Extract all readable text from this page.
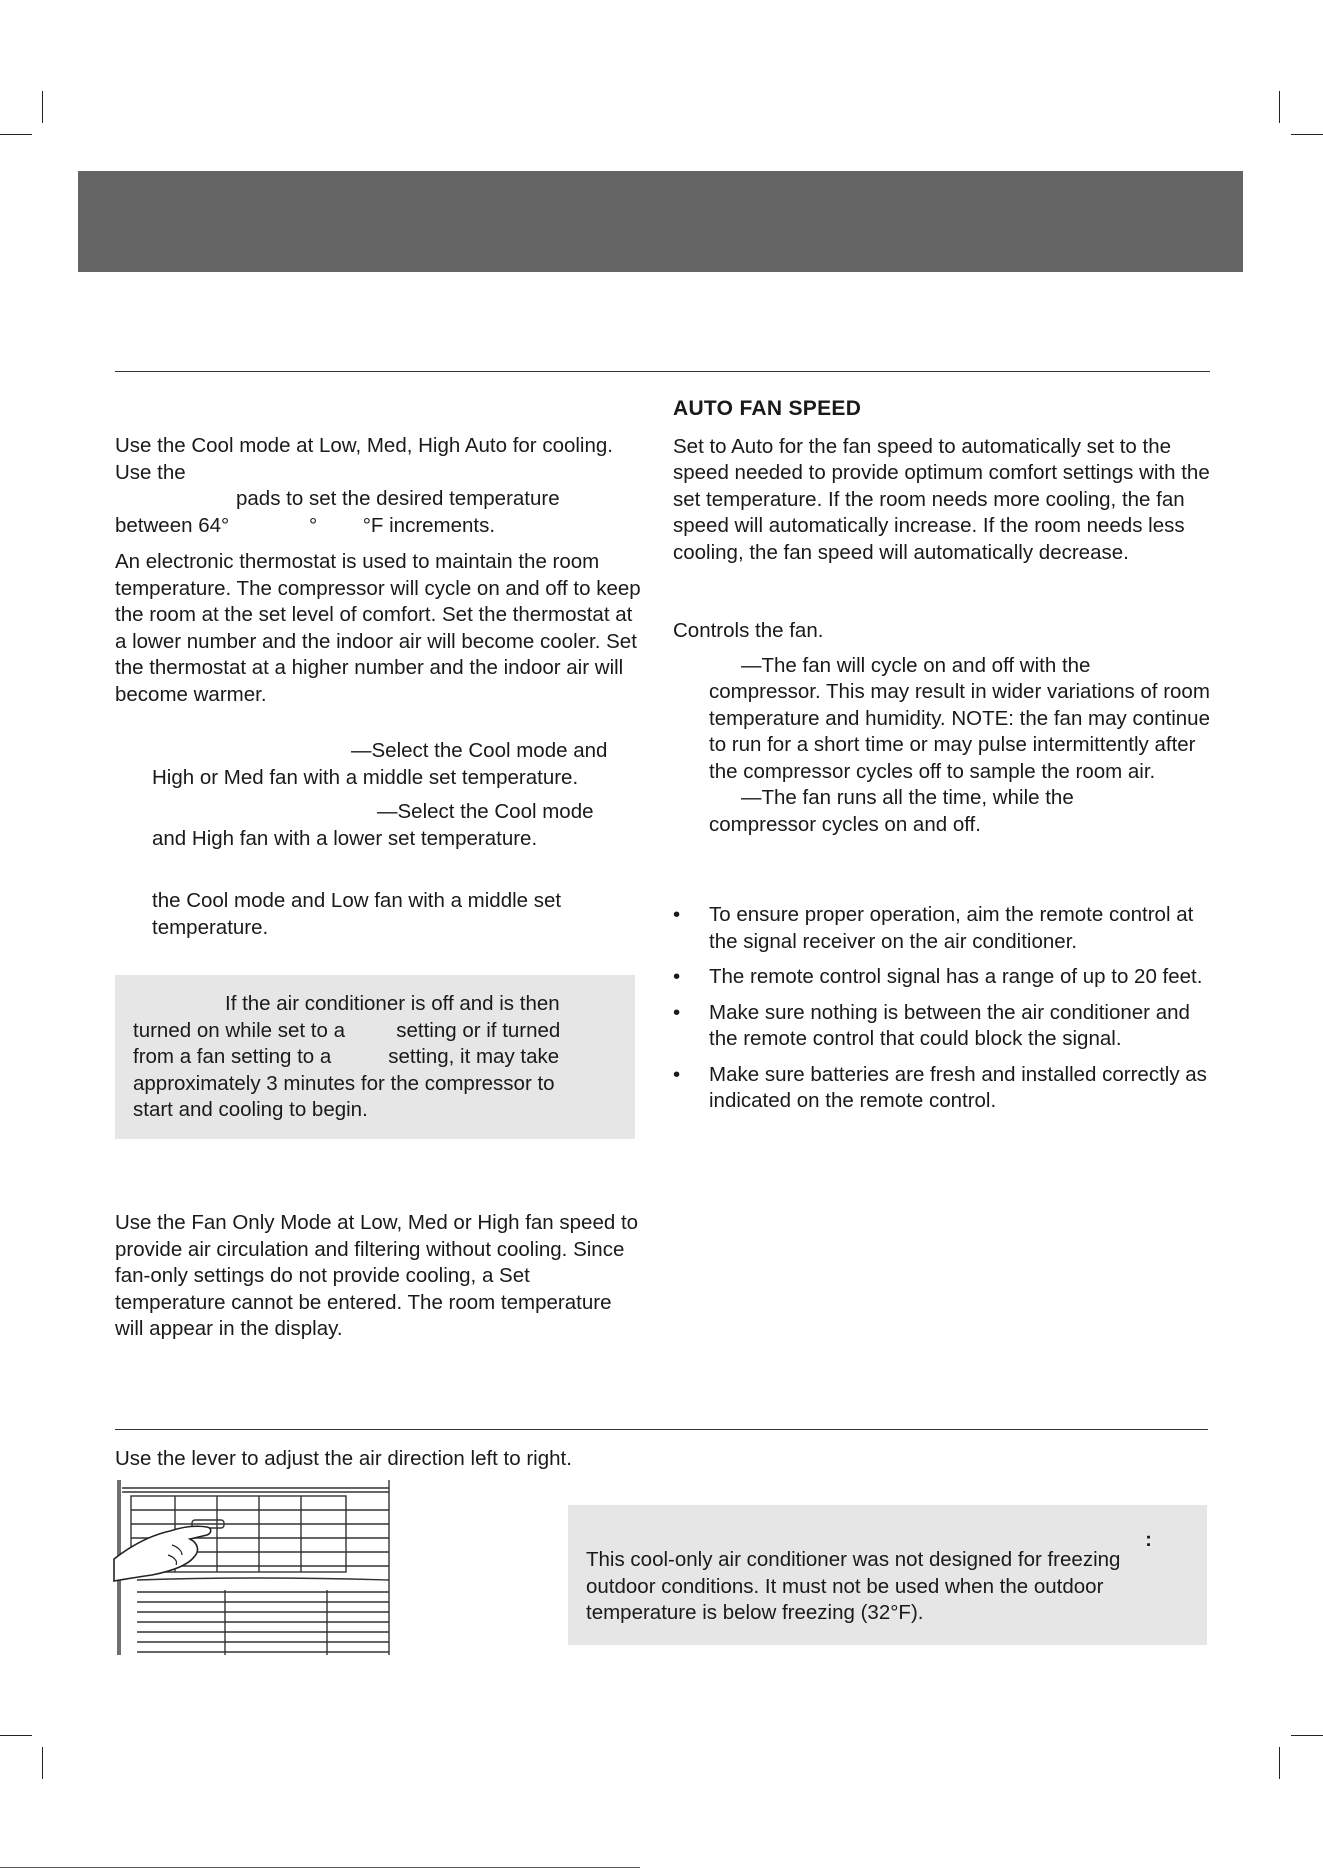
Use the Cool mode at Low, Med, High Auto for cooling. Use the

pads to set the desired temperature

between 64°              °        °F increments.

An electronic thermostat is used to maintain the room temperature. The compressor will cycle on and off to keep the room at the set level of comfort. Set the thermostat at a lower number and the indoor air will become cooler. Set the thermostat at a higher number and the indoor air will become warmer.

—Select the Cool mode and

High or Med fan with a middle set temperature.

—Select the Cool mode

and High fan with a lower set temperature.

the Cool mode and Low fan with a middle set temperature.

If the air conditioner is off and is then

turned on while set to a         setting or if turned

from a fan setting to a          setting, it may take

approximately 3 minutes for the compressor to

start and cooling to begin.

Use the Fan Only Mode at Low, Med or High fan speed to provide air circulation and filtering without cooling. Since fan-only settings do not provide cooling, a Set temperature cannot be entered. The room temperature will appear in the display.

AUTO FAN SPEED

Set to Auto for the fan speed to automatically set to the speed needed to provide optimum comfort settings with the set temperature. If the room needs more cooling, the fan speed will automatically increase. If the room needs less cooling, the fan speed will automatically decrease.

Controls the fan.

—The fan will cycle on and off with the

compressor. This may result in wider variations of room temperature and humidity. NOTE: the fan may continue to run for a short time or may pulse intermittently after the compressor cycles off to sample the room air.

—The fan runs all the time, while the

compressor cycles on and off.

• To ensure proper operation, aim the remote control at the signal receiver on the air conditioner.

• The remote control signal has a range of up to 20 feet.

• Make sure nothing is between the air conditioner and the remote control that could block the signal.

• Make sure batteries are fresh and installed correctly as indicated on the remote control.

Use the lever to adjust the air direction left to right.
:

This cool-only air conditioner was not designed for freezing outdoor conditions. It must not be used when the outdoor temperature is below freezing (32°F).
